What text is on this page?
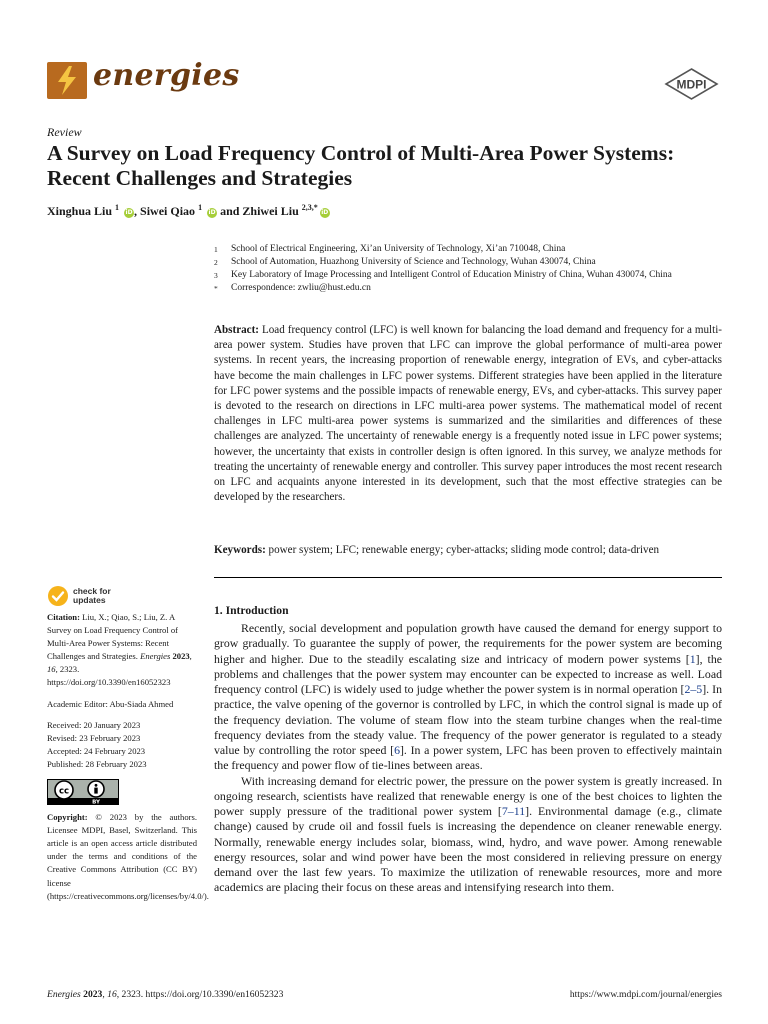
energies	MDPI
Review
A Survey on Load Frequency Control of Multi-Area Power Systems: Recent Challenges and Strategies
Xinghua Liu $^1$ iD, Siwei Qiao $^1$ iD and Zhiwei Liu $^{2,3,*}$iD
1	School of Electrical Engineering, Xi’an University of Technology, Xi’an 710048, China
2	School of Automation, Huazhong University of Science and Technology, Wuhan 430074, China
3	Key Laboratory of Image Processing and Intelligent Control of Education Ministry of China, Wuhan 430074, China
*	Correspondence: zwliu@hust.edu.cn

Abstract: Load frequency control (LFC) is well known for balancing the load demand and frequency for a multi-area power system. Studies have proven that LFC can improve the global performance of multi-area power systems. In recent years, the increasing proportion of renewable energy, integration of EVs, and cyber-attacks have become the main challenges in LFC power systems. Different strategies have been applied in the literature for LFC power systems and the possible impacts of renewable energy, EVs, and cyber-attacks. This survey paper is devoted to the research on directions in LFC multi-area power systems. The mathematical model of recent challenges in LFC multi-area power systems is summarized and the similarities and differences of these challenges are analyzed. The uncertainty of renewable energy is a frequently noted issue in LFC power systems; however, the uncertainty that exists in controller design is often ignored. In this survey, we analyze methods for treating the uncertainty of renewable energy and controller. This survey paper introduces the most recent research on LFC and acquaints anyone interested in its development, such that the most effective strategies can be developed by the researchers.

Keywords: power system; LFC; renewable energy; cyber-attacks; sliding mode control; data-driven

check for
updates

Citation: Liu, X.; Qiao, S.; Liu, Z. A Survey on Load Frequency Control of Multi-Area Power Systems: Recent Challenges and Strategies. Energies 2023, 16, 2323. https://doi.org/10.3390/en16052323

Academic Editor: Abu-Siada Ahmed

Received: 20 January 2023

Revised: 23 February 2023

Accepted: 24 February 2023

Published: 28 February 2023

cc
BY

Copyright: © 2023 by the authors. Licensee MDPI, Basel, Switzerland. This article is an open access article distributed under the terms and conditions of the Creative Commons Attribution (CC BY) license (https://creativecommons.org/licenses/by/4.0/).

1. Introduction

Recently, social development and population growth have caused the demand for energy support to grow gradually. To guarantee the supply of power, the requirements for the power system are becoming higher and higher. Due to the steadily escalating size and intricacy of modern power systems [1], the problems and challenges that the power system may encounter can be expected to increase as well. Load frequency control (LFC) is widely used to judge whether the power system is in normal operation [2–5]. In practice, the valve opening of the governor is controlled by LFC, in which the control signal is made up of the frequency deviation. The volume of steam flow into the steam turbine changes when the real-time frequency deviates from the steady value. The frequency of the power generator is regulated to a steady value by controlling the rotor speed [6]. In a power system, LFC has been proven to effectively maintain the frequency and power flow of tie-lines between areas.

With increasing demand for electric power, the pressure on the power system is greatly increased. In ongoing research, scientists have realized that renewable energy is one of the best choices to lighten the power supply pressure of the traditional power system [7–11]. Environmental damage (e.g., climate change) caused by crude oil and fossil fuels is increasing the dependence on cleaner renewable energy. Normally, renewable energy includes solar, biomass, wind, hydro, and wave power. Among renewable energy resources, solar and wind power have been the most considered in relieving pressure on energy demand over the last few years. To maximize the utilization of renewable resources, more and more academics are placing their focus on these areas and intensifying research into them.

Energies 2023, 16, 2323. https://doi.org/10.3390/en16052323	https://www.mdpi.com/journal/energies
